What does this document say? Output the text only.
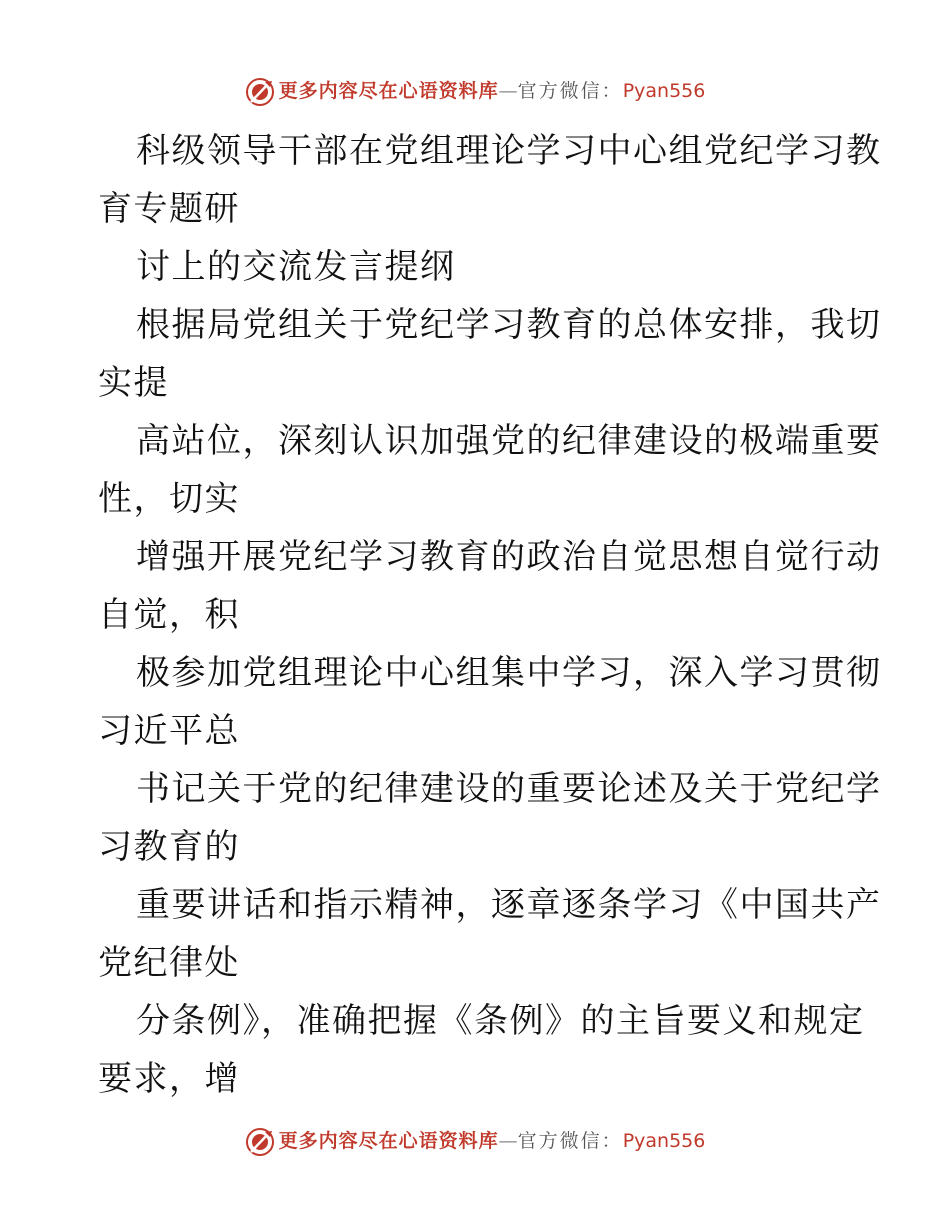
更多内容尽在心语资料库—官方微信：Pyan556
科级领导干部在党组理论学习中心组党纪学习教
育专题研
讨上的交流发言提纲
根据局党组关于党纪学习教育的总体安排，我切
实提
高站位，深刻认识加强党的纪律建设的极端重要
性，切实
增强开展党纪学习教育的政治自觉思想自觉行动
自觉，积
极参加党组理论中心组集中学习，深入学习贯彻
习近平总
书记关于党的纪律建设的重要论述及关于党纪学
习教育的
重要讲话和指示精神，逐章逐条学习《中国共产
党纪律处
分条例》，准确把握《条例》的主旨要义和规定
要求，增
更多内容尽在心语资料库—官方微信：Pyan556
